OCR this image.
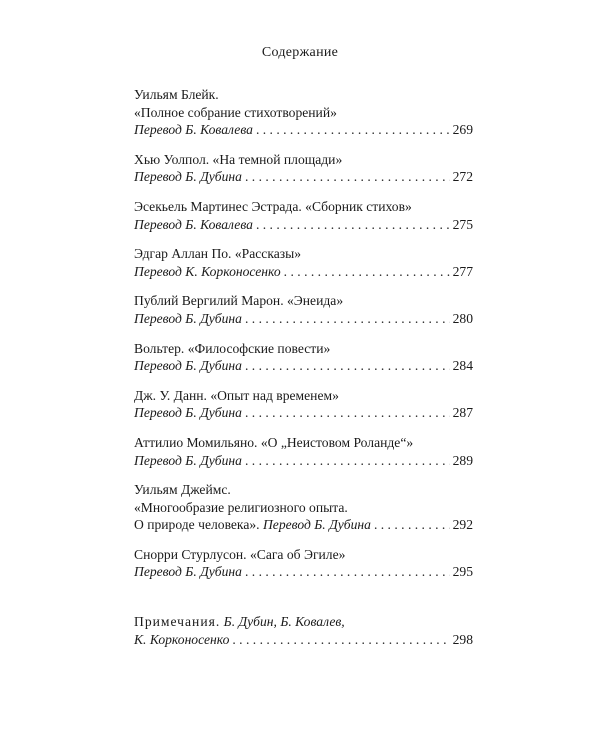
Содержание
Уильям Блейк.
«Полное собрание стихотворений»
Перевод Б. Ковалева . . .	269
Хью Уолпол. «На темной площади»
Перевод Б. Дубина . . .	272
Эсекьель Мартинес Эстрада. «Сборник стихов»
Перевод Б. Ковалева . . .	275
Эдгар Аллан По. «Рассказы»
Перевод К. Корконосенко . . .	277
Публий Вергилий Марон. «Энеида»
Перевод Б. Дубина . . .	280
Вольтер. «Философские повести»
Перевод Б. Дубина . . .	284
Дж. У. Данн. «Опыт над временем»
Перевод Б. Дубина . . .	287
Аттилио Момильяно. «О „Неистовом Роланде“»
Перевод Б. Дубина . . .	289
Уильям Джеймс.
«Многообразие религиозного опыта.
О природе человека». Перевод Б. Дубина . . .	292
Снорри Стурлусон. «Сага об Эгиле»
Перевод Б. Дубина . . .	295
Примечания. Б. Дубин, Б. Ковалев,
К. Корконосенко . . .	298
